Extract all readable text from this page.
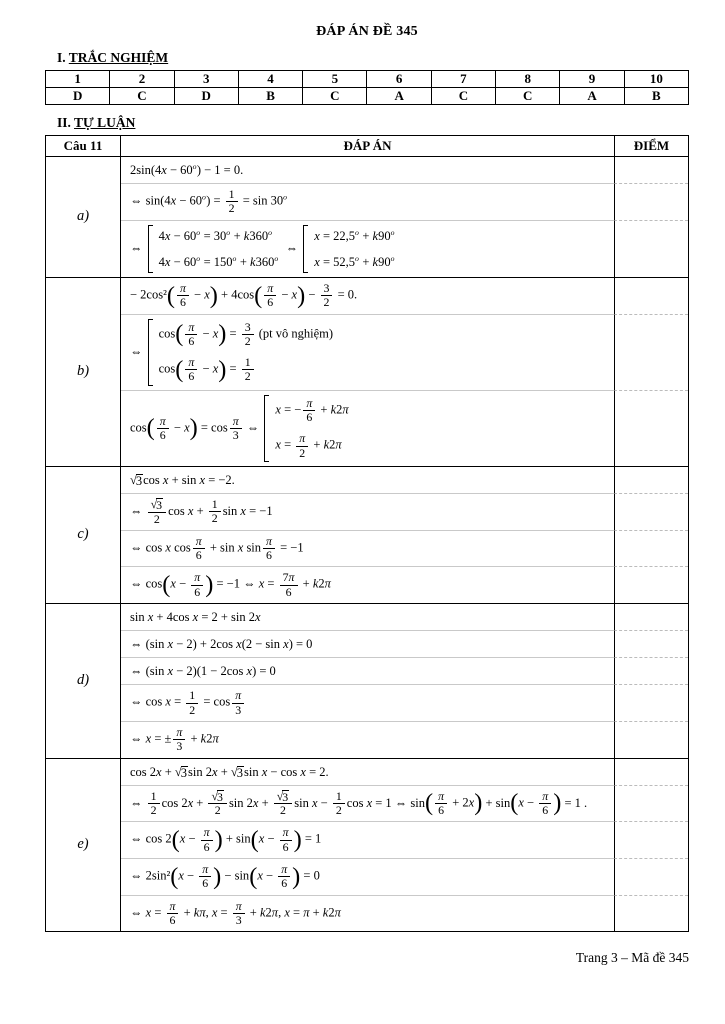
ĐÁP ÁN ĐỀ 345
I. TRẮC NGHIỆM
1	2	3	4	5	6	7	8	9	10
D	C	D	B	C	A	C	C	A	B
II. TỰ LUẬN
Câu 11	ĐÁP ÁN	ĐIỂM
a)
$2\sin(4x - 60^o) - 1 = 0$.
⇔ $\sin(4x - 60^o) = \frac{1}{2} = \sin 30^o$
⇔
$4x - 60^o = 30^o + k360^o$
$4x - 60^o = 150^o + k360^o$
⇔
$x = 22,5^o + k90^o$
$x = 52,5^o + k90^o$
b)
− 2cos² ( $\frac{\pi}{6} - x$ ) + 4cos ( $\frac{\pi}{6} - x$ ) − $\frac{3}{2} = 0$.
⇔
cos ( $\frac{\pi}{6} - x$ ) = $\frac{3}{2} (pt$ vô nghiệm)
cos ( $\frac{\pi}{6} - x$ ) = $\frac{1}{2}$
cos ( $\frac{\pi}{6} - x$ ) = $\cos \frac{\pi}{3}$ ⇔
x = − $\frac{\pi}{6} + k2\pi$
$x = \frac{\pi}{2} + k2\pi$
c)
√ 3 cos x + sin x = −2.
⇔ $\frac{√ 3}{2}$ $\cos x + \frac{1}{2}$ sin x = −1
⇔ cos x $\cos \frac{\pi}{6} + \sin x$ $\sin \frac{\pi}{6} = -1$
⇔ cos ( $x - \frac{\pi}{6}$ ) = −1 ⇔ $x = \frac{7\pi}{6} + k2\pi$
d)
sin x + 4cos x = 2 + sin 2x
⇔ (sin x − 2) + 2cos x(2 − sin x) = 0
⇔ (sin x − 2)(1 − 2cos x) = 0
⇔ $\cos x = \frac{1}{2} = \cos \frac{\pi}{3}$
⇔ x = ± $\frac{\pi}{3} + k2\pi$
e)
cos 2x + √ 3 sin 2x + √ 3 sin x − cos x = 2.
⇔ $\frac{1}{2}$ $\cos 2x + \frac{√ 3}{2}$ $\sin 2x + \frac{√ 3}{2}$ $\sin x - \frac{1}{2}$ cos x = 1 ⇔ sin ( $\frac{\pi}{6} + 2x$ ) + sin ( $x - \frac{\pi}{6}$ ) = 1 .
⇔ cos 2 ( $x - \frac{\pi}{6}$ ) + sin ( $x - \frac{\pi}{6}$ ) = 1
⇔ 2sin² ( $x - \frac{\pi}{6}$ ) − sin ( $x - \frac{\pi}{6}$ ) = 0
⇔ $x = \frac{\pi}{6} + k\pi$, $x = \frac{\pi}{3} + k2\pi$, x = π + k2π
Trang 3 – Mã đề 345
